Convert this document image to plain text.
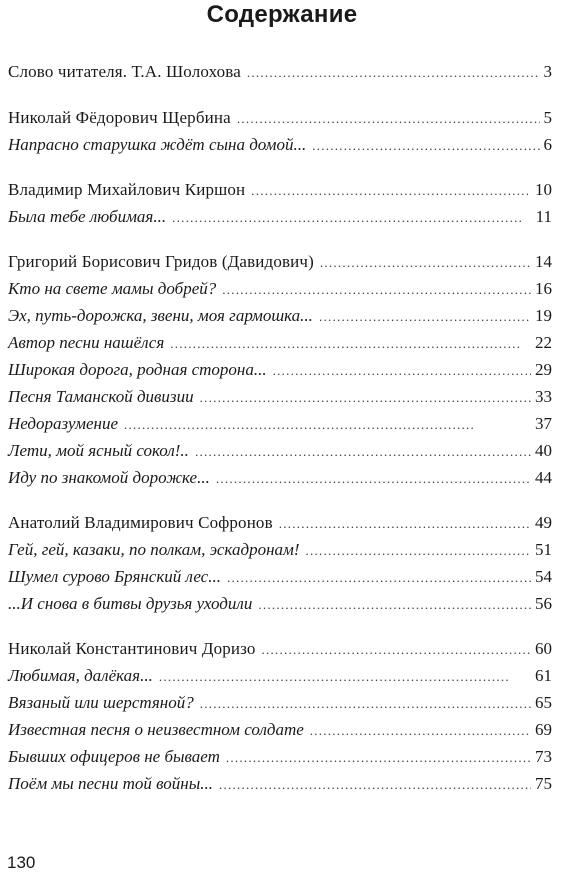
Содержание
Слово читателя. Т.А. Шолохова . . .	3
Николай Фёдорович Щербина . . .	5
Напрасно старушка ждёт сына домой... . . .	6
Владимир Михайлович Киршон . . .	10
Была тебе любимая... . . .	11
Григорий Борисович Гридов (Давидович) . . .	14
Кто на свете мамы добрей? . . .	16
Эх, путь-дорожка, звени, моя гармошка... . . .	19
Автор песни нашёлся . . .	22
Широкая дорога, родная сторона... . . .	29
Песня Таманской дивизии . . .	33
Недоразумение . . .	37
Лети, мой ясный сокол!.. . . .	40
Иду по знакомой дорожке... . . .	44
Анатолий Владимирович Софронов . . .	49
Гей, гей, казаки, по полкам, эскадронам! . . .	51
Шумел сурово Брянский лес... . . .	54
...И снова в битвы друзья уходили . . .	56
Николай Константинович Доризо . . .	60
Любимая, далёкая... . . .	61
Вязаный или шерстяной? . . .	65
Известная песня о неизвестном солдате . . .	69
Бывших офицеров не бывает . . .	73
Поём мы песни той войны... . . .	75
130
